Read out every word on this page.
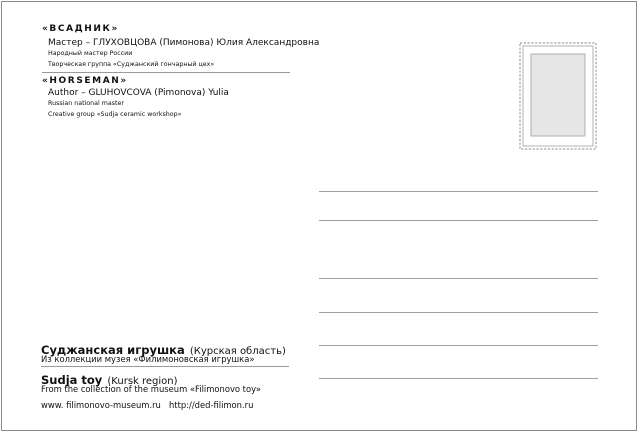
«ВСАДНИК»
Мастер – ГЛУХОВЦОВА (Пимонова) Юлия Александровна
Народный мастер России
Творческая группа «Суджанский гончарный цех»
«HORSEMAN»
Author – GLUHOVCOVA (Pimonova) Yulia
Russian national master
Creative group «Sudja ceramic workshop»
Суджанская игрушка (Курская область)
Из коллекции музея «Филимоновская игрушка»
Sudja toy (Kursk region)
From the collection of the museum «Filimonovo toy»
www. filimonovo-museum.ru http://ded-filimon.ru
